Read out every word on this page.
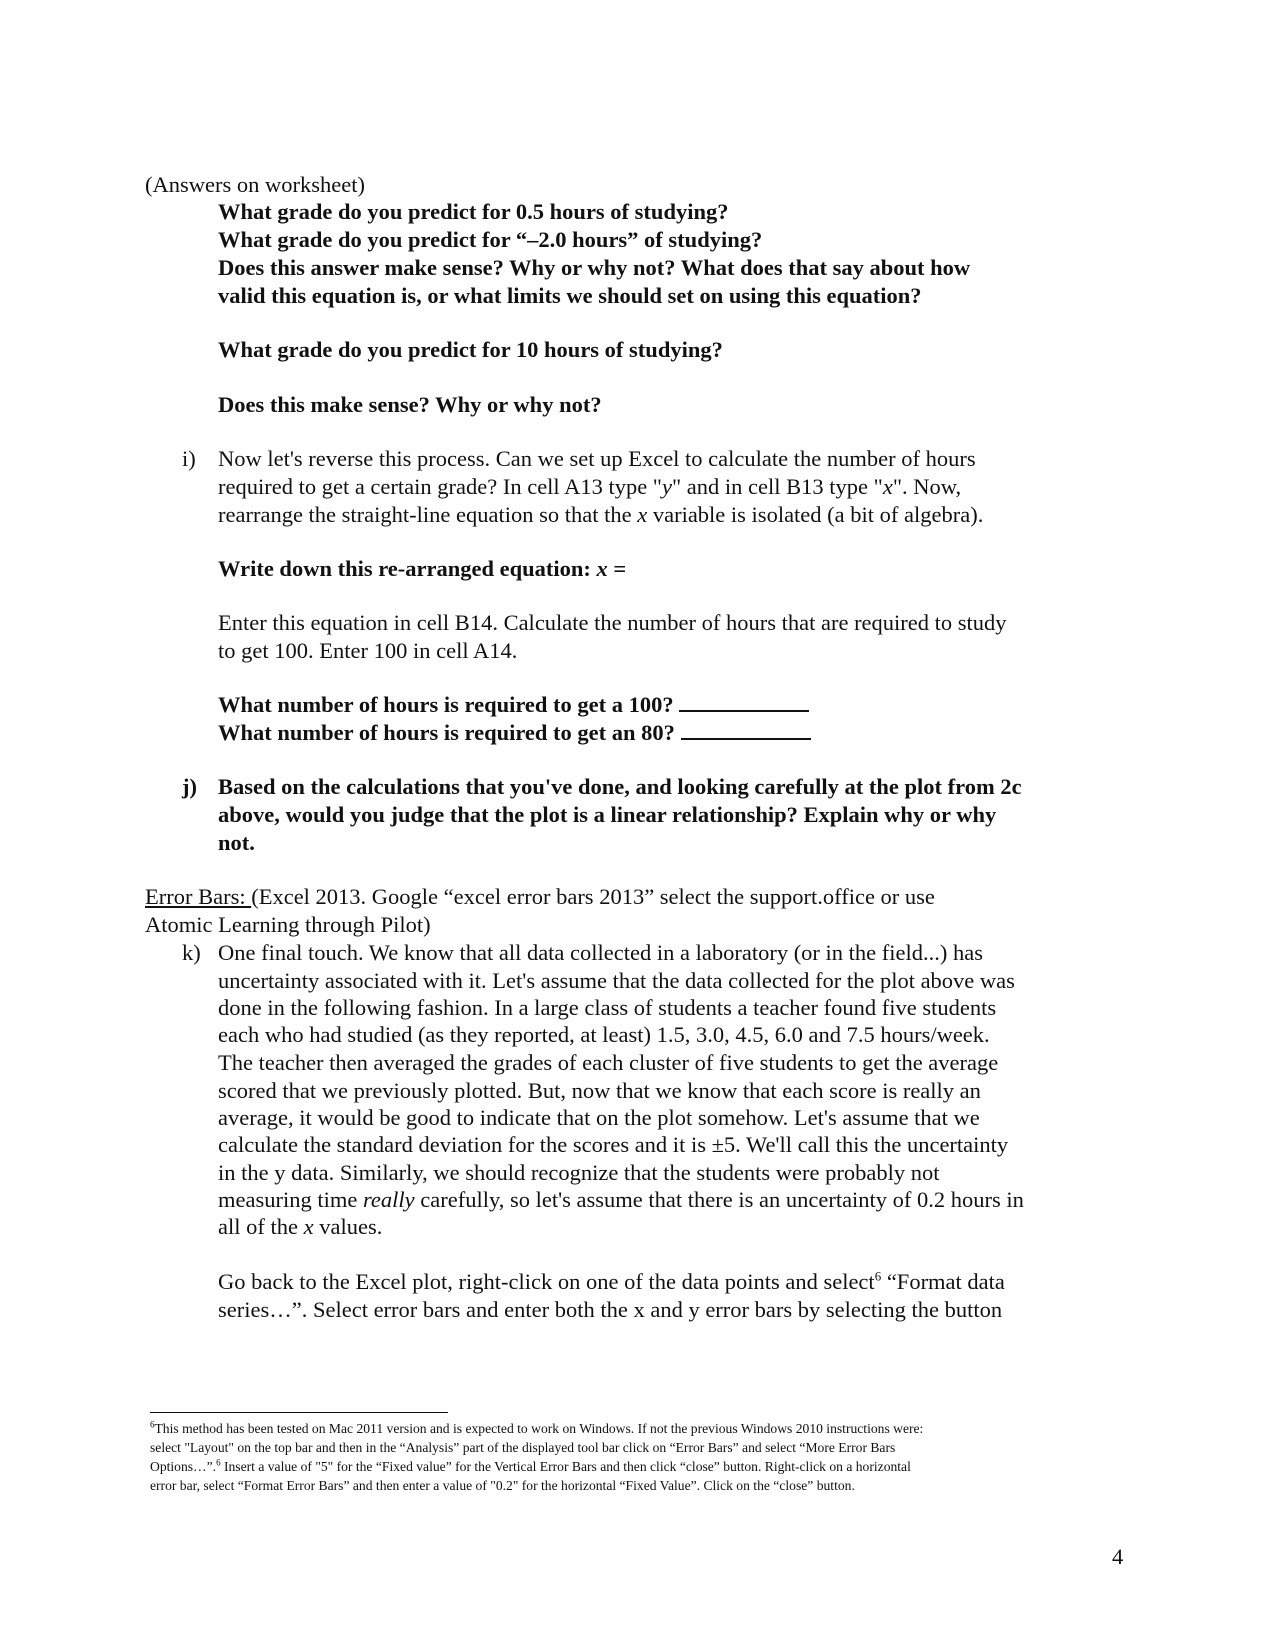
(Answers on worksheet)
What grade do you predict for 0.5 hours of studying?
What grade do you predict for “–2.0 hours” of studying?
Does this answer make sense? Why or why not? What does that say about how
valid this equation is, or what limits we should set on using this equation?
What grade do you predict for 10 hours of studying?
Does this make sense? Why or why not?
i) Now let's reverse this process. Can we set up Excel to calculate the number of hours
required to get a certain grade? In cell A13 type "y" and in cell B13 type "x". Now,
rearrange the straight-line equation so that the x variable is isolated (a bit of algebra).
Write down this re-arranged equation: x =
Enter this equation in cell B14. Calculate the number of hours that are required to study
to get 100. Enter 100 in cell A14.
What number of hours is required to get a 100?
What number of hours is required to get an 80?
j) Based on the calculations that you've done, and looking carefully at the plot from 2c
above, would you judge that the plot is a linear relationship? Explain why or why
not.
Error Bars: (Excel 2013. Google “excel error bars 2013” select the support.office or use
Atomic Learning through Pilot)
k) One final touch. We know that all data collected in a laboratory (or in the field...) has
uncertainty associated with it. Let's assume that the data collected for the plot above was
done in the following fashion. In a large class of students a teacher found five students
each who had studied (as they reported, at least) 1.5, 3.0, 4.5, 6.0 and 7.5 hours/week.
The teacher then averaged the grades of each cluster of five students to get the average
scored that we previously plotted. But, now that we know that each score is really an
average, it would be good to indicate that on the plot somehow. Let's assume that we
calculate the standard deviation for the scores and it is ±5. We'll call this the uncertainty
in the y data. Similarly, we should recognize that the students were probably not
measuring time really carefully, so let's assume that there is an uncertainty of 0.2 hours in
all of the x values.
Go back to the Excel plot, right-click on one of the data points and select$^6$ “Format data
series…”. Select error bars and enter both the x and y error bars by selecting the button
$^6$This method has been tested on Mac 2011 version and is expected to work on Windows. If not the previous Windows 2010 instructions were:
select "Layout" on the top bar and then in the “Analysis” part of the displayed tool bar click on “Error Bars” and select “More Error Bars
Options…”.$^6$ Insert a value of "5" for the “Fixed value” for the Vertical Error Bars and then click “close” button. Right-click on a horizontal
error bar, select “Format Error Bars” and then enter a value of "0.2" for the horizontal “Fixed Value”. Click on the “close” button.
4
